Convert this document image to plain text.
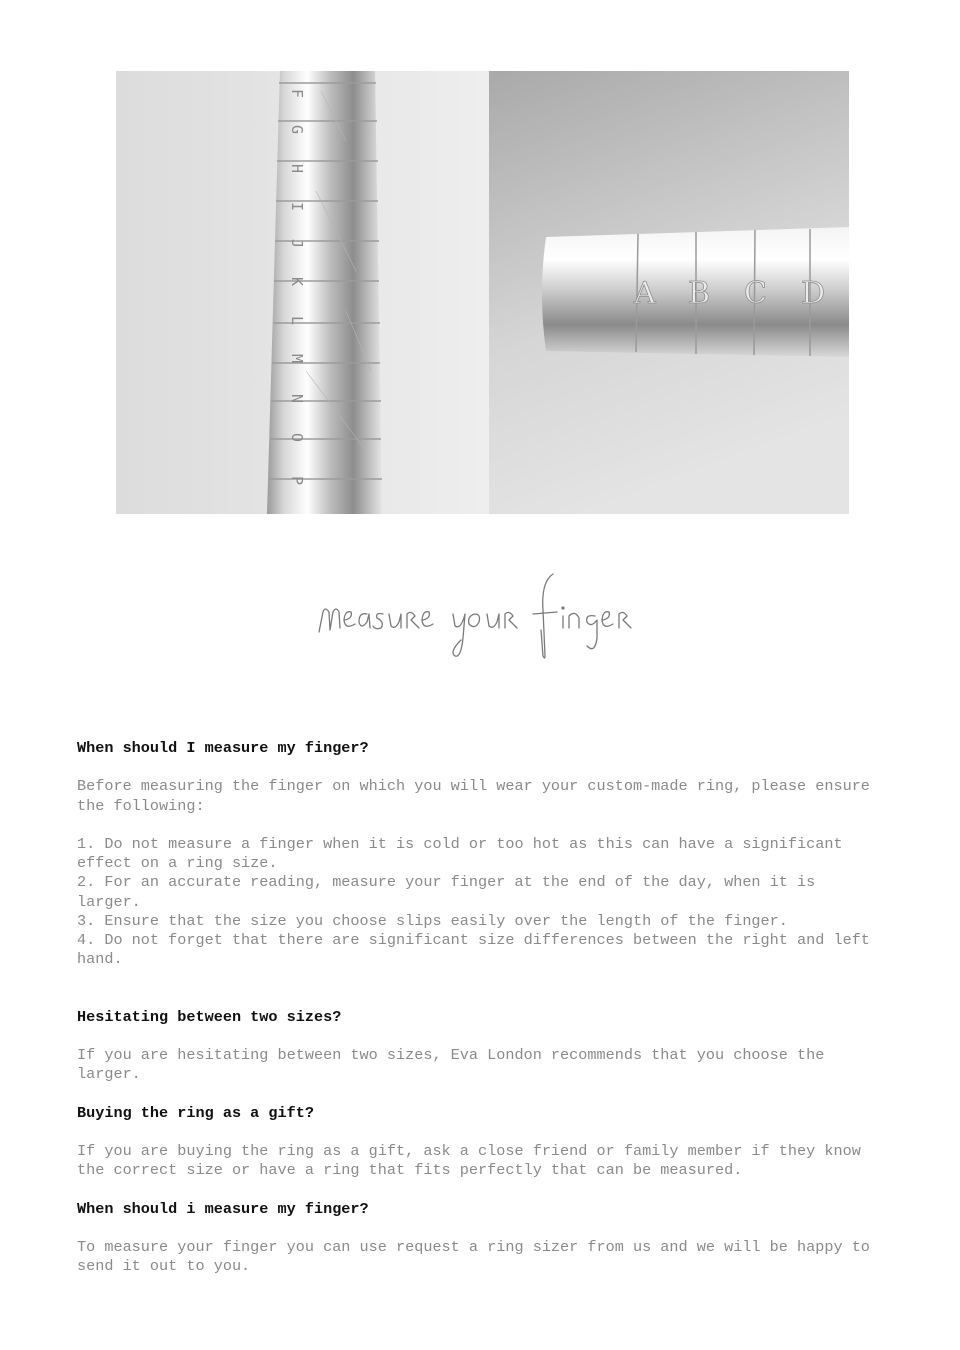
F
G
H
I
J
K
L
M
N
O
P
A B C D
When should I measure my finger?
Before measuring the finger on which you will wear your custom-made ring, please ensure the following:
1. Do not measure a finger when it is cold or too hot as this can have a significant effect on a ring size.
2. For an accurate reading, measure your finger at the end of the day, when it is larger.
3. Ensure that the size you choose slips easily over the length of the finger.
4. Do not forget that there are significant size differences between the right and left hand.
Hesitating between two sizes?
If you are hesitating between two sizes, Eva London recommends that you choose the larger.
Buying the ring as a gift?
If you are buying the ring as a gift, ask a close friend or family member if they know the correct size or have a ring that fits perfectly that can be measured.
When should i measure my finger?
To measure your finger you can use request a ring sizer from us and we will be happy to send it out to you.
